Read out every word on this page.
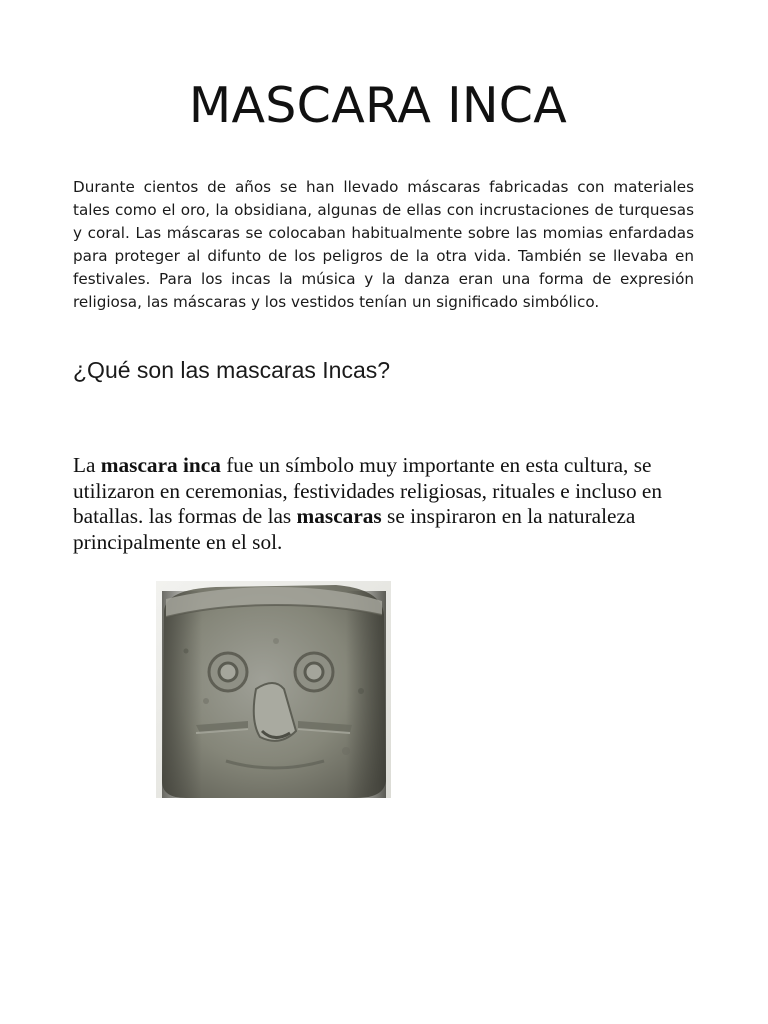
MASCARA INCA

Durante cientos de años se han llevado máscaras fabricadas con materiales tales como el oro, la obsidiana, algunas de ellas con incrustaciones de turquesas y coral. Las máscaras se colocaban habitualmente sobre las momias enfardadas para proteger al difunto de los peligros de la otra vida. También se llevaba en festivales. Para los incas la música y la danza eran una forma de expresión religiosa, las máscaras y los vestidos tenían un significado simbólico.

¿Qué son las mascaras Incas?

La mascara inca fue un símbolo muy importante en esta cultura, se utilizaron en ceremonias, festividades religiosas, rituales e incluso en batallas. las formas de las mascaras se inspiraron en la naturaleza principalmente en el sol.
